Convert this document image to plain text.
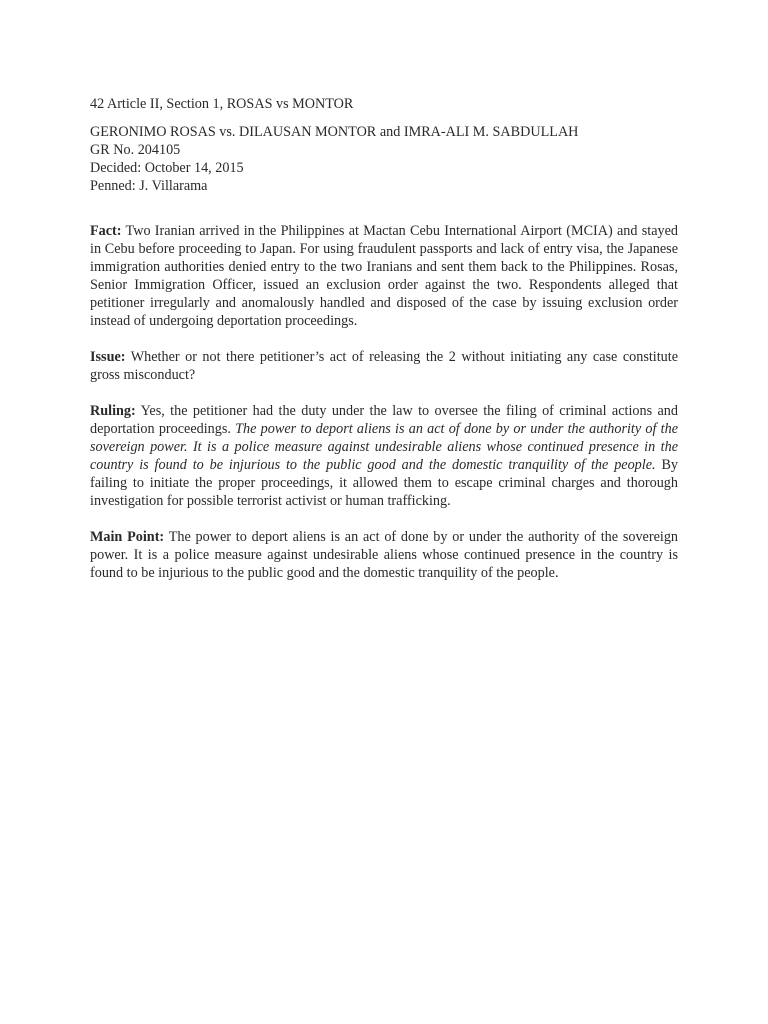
42 Article II, Section 1, ROSAS vs MONTOR

GERONIMO ROSAS vs. DILAUSAN MONTOR and IMRA-ALI M. SABDULLAH

GR No. 204105

Decided: October 14, 2015

Penned: J. Villarama

Fact: Two Iranian arrived in the Philippines at Mactan Cebu International Airport (MCIA) and stayed in Cebu before proceeding to Japan. For using fraudulent passports and lack of entry visa, the Japanese immigration authorities denied entry to the two Iranians and sent them back to the Philippines. Rosas, Senior Immigration Officer, issued an exclusion order against the two. Respondents alleged that petitioner irregularly and anomalously handled and disposed of the case by issuing exclusion order instead of undergoing deportation proceedings.

Issue: Whether or not there petitioner’s act of releasing the 2 without initiating any case constitute gross misconduct?

Ruling: Yes, the petitioner had the duty under the law to oversee the filing of criminal actions and deportation proceedings. The power to deport aliens is an act of done by or under the authority of the sovereign power. It is a police measure against undesirable aliens whose continued presence in the country is found to be injurious to the public good and the domestic tranquility of the people. By failing to initiate the proper proceedings, it allowed them to escape criminal charges and thorough investigation for possible terrorist activist or human trafficking.

Main Point: The power to deport aliens is an act of done by or under the authority of the sovereign power. It is a police measure against undesirable aliens whose continued presence in the country is found to be injurious to the public good and the domestic tranquility of the people.
